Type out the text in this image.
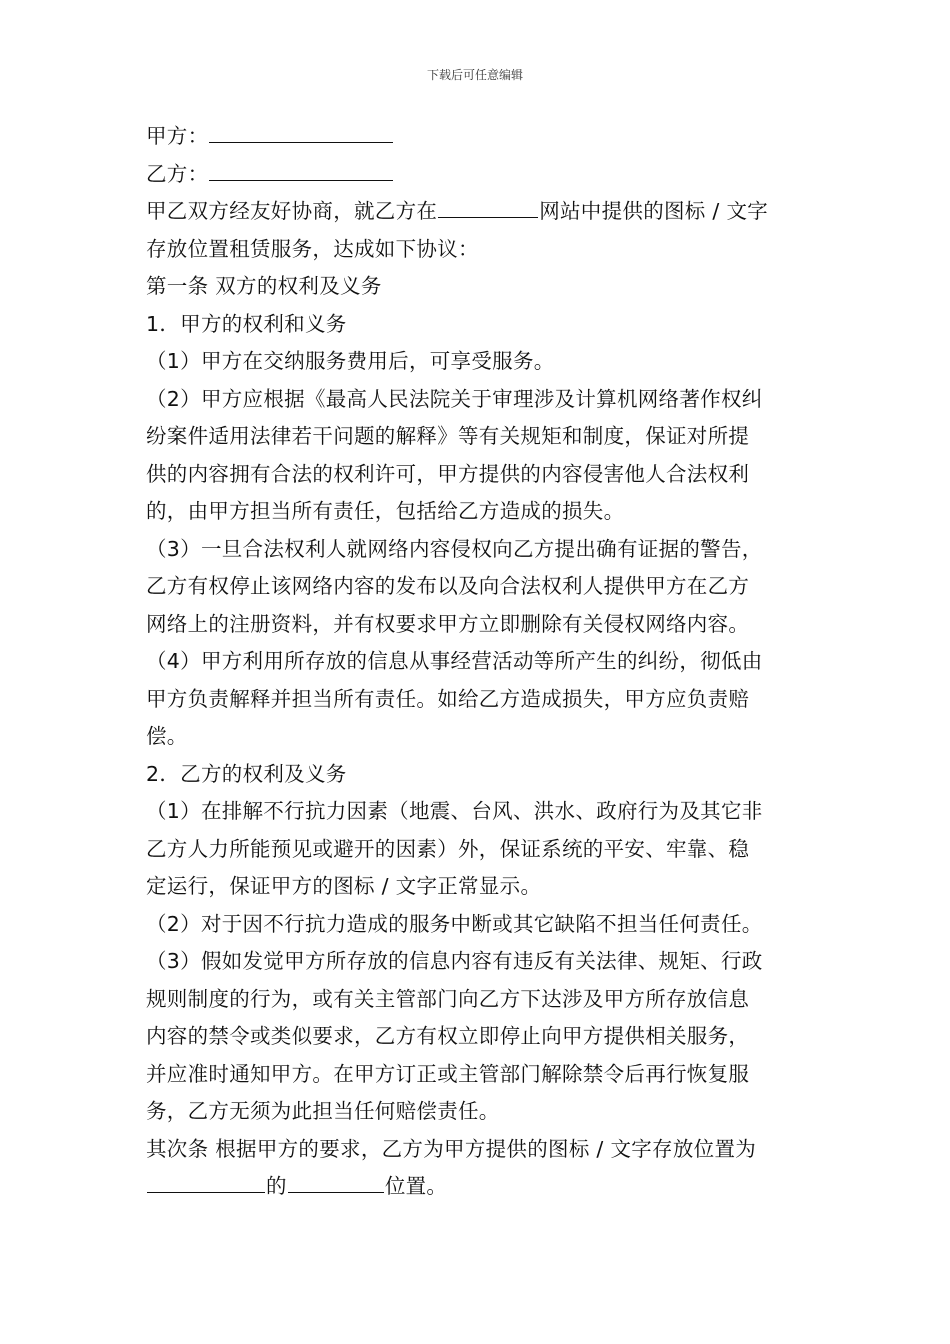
下载后可任意编辑
甲方：
乙方：
甲乙双方经友好协商，就乙方在	网站中提供的图标 / 文字
存放位置租赁服务，达成如下协议：
第一条 双方的权利及义务
1．甲方的权利和义务
（1）甲方在交纳服务费用后，可享受服务。
（2）甲方应根据《最高人民法院关于审理涉及计算机网络著作权纠
纷案件适用法律若干问题的解释》等有关规矩和制度，保证对所提
供的内容拥有合法的权利许可，甲方提供的内容侵害他人合法权利
的，由甲方担当所有责任，包括给乙方造成的损失。
（3）一旦合法权利人就网络内容侵权向乙方提出确有证据的警告，
乙方有权停止该网络内容的发布以及向合法权利人提供甲方在乙方
网络上的注册资料，并有权要求甲方立即删除有关侵权网络内容。
（4）甲方利用所存放的信息从事经营活动等所产生的纠纷，彻低由
甲方负责解释并担当所有责任。如给乙方造成损失，甲方应负责赔
偿。
2．乙方的权利及义务
（1）在排解不行抗力因素（地震、台风、洪水、政府行为及其它非
乙方人力所能预见或避开的因素）外，保证系统的平安、牢靠、稳
定运行，保证甲方的图标 / 文字正常显示。
（2）对于因不行抗力造成的服务中断或其它缺陷不担当任何责任。
（3）假如发觉甲方所存放的信息内容有违反有关法律、规矩、行政
规则制度的行为，或有关主管部门向乙方下达涉及甲方所存放信息
内容的禁令或类似要求，乙方有权立即停止向甲方提供相关服务，
并应准时通知甲方。在甲方订正或主管部门解除禁令后再行恢复服
务，乙方无须为此担当任何赔偿责任。
其次条 根据甲方的要求，乙方为甲方提供的图标 / 文字存放位置为
的	位置。
